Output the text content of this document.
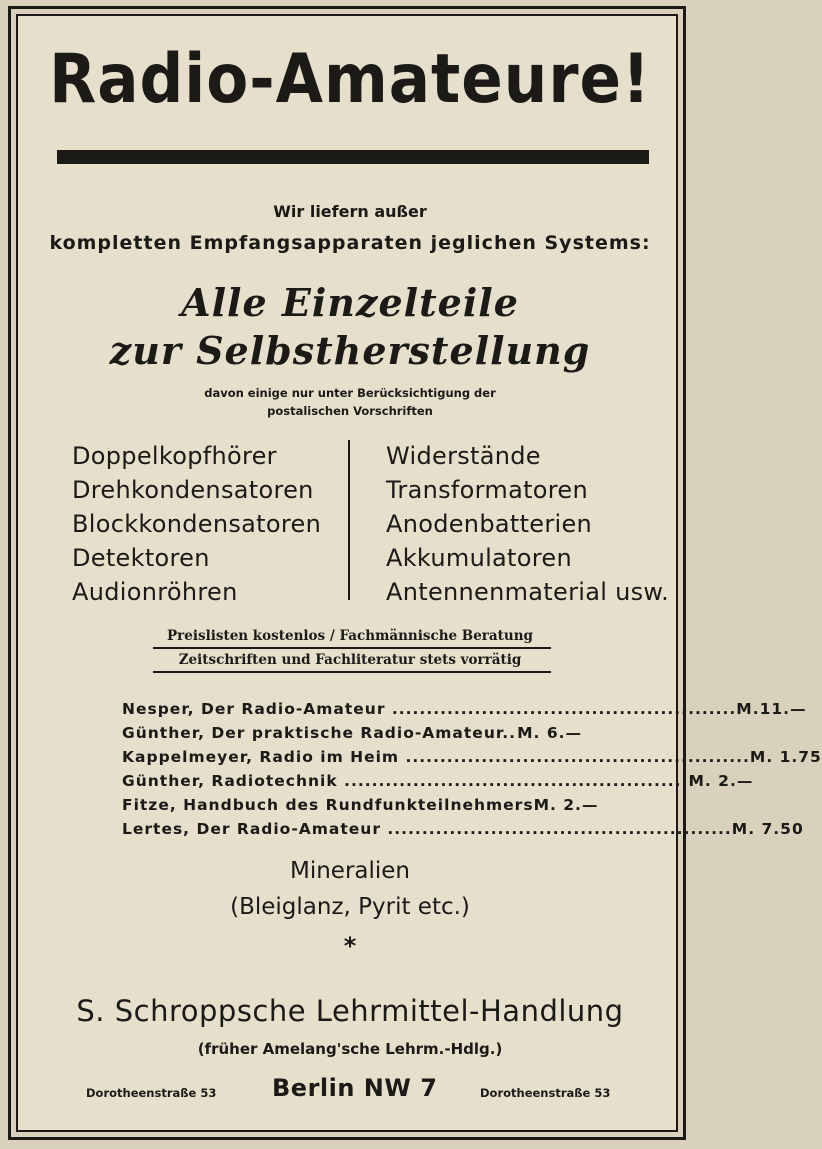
Radio-Amateure!
Wir liefern außer
kompletten Empfangsapparaten jeglichen Systems:
Alle Einzelteile
zur Selbstherstellung
davon einige nur unter Berücksichtigung der
postalischen Vorschriften
Doppelkopfhörer
Drehkondensatoren
Blockkondensatoren
Detektoren
Audionröhren
Widerstände
Transformatoren
Anodenbatterien
Akkumulatoren
Antennenmaterial usw.
Preislisten kostenlos / Fachmännische Beratung
Zeitschriften und Fachliteratur stets vorrätig
Nesper, Der Radio-Amateur .................................................. M.11.—
Günther, Der praktische Radio-Amateur..
M. 6.—
Kappelmeyer, Radio im Heim .................................................. M. 1.75
Günther, Radiotechnik .................................................. M. 2.—
Fitze, Handbuch des Rundfunkteilnehmers
M. 2.—
Lertes, Der Radio-Amateur .................................................. M. 7.50
Mineralien
(Bleiglanz, Pyrit etc.)
*
S. Schroppsche Lehrmittel-Handlung
(früher Amelang'sche Lehrm.-Hdlg.)
Dorotheenstraße 53 Berlin NW 7	Dorotheenstraße 53
